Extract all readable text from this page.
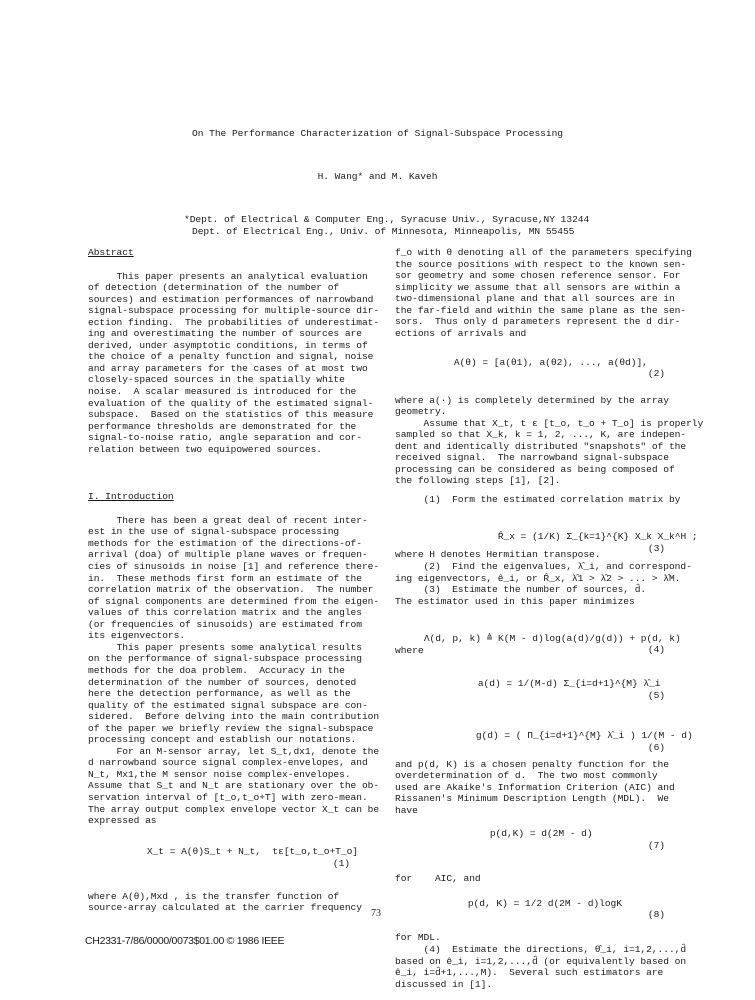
On The Performance Characterization of Signal-Subspace Processing
H. Wang* and M. Kaveh
*Dept. of Electrical & Computer Eng., Syracuse Univ., Syracuse,NY 13244
Dept. of Electrical Eng., Univ. of Minnesota, Minneapolis, MN 55455

Abstract

This paper presents an analytical evaluation

of detection (determination of the number of

sources) and estimation performances of narrowband

signal-subspace processing for multiple-source dir-

ection finding.  The probabilities of underestimat-

ing and overestimating the number of sources are

derived, under asymptotic conditions, in terms of

the choice of a penalty function and signal, noise

and array parameters for the cases of at most two

closely-spaced sources in the spatially white

noise.  A scalar measured is introduced for the

evaluation of the quality of the estimated signal-

subspace.  Based on the statistics of this measure

performance thresholds are demonstrated for the

signal-to-noise ratio, angle separation and cor-

relation between two equipowered sources.

I. Introduction

There has been a great deal of recent inter-

est in the use of signal-subspace processing

methods for the estimation of the directions-of-

arrival (doa) of multiple plane waves or frequen-

cies of sinusoids in noise [1] and reference there-

in.  These methods first form an estimate of the

correlation matrix of the observation.  The number

of signal components are determined from the eigen-

values of this correlation matrix and the angles

(or frequencies of sinusoids) are estimated from

its eigenvectors.

This paper presents some analytical results

on the performance of signal-subspace processing

methods for the doa problem.  Accuracy in the

determination of the number of sources, denoted

here the detection performance, as well as the

quality of the estimated signal subspace are con-

sidered.  Before delving into the main contribution

of the paper we briefly review the signal-subspace

processing concept and establish our notations.

For an M-sensor array, let S_t,dx1, denote the

d narrowband source signal complex-envelopes, and

N_t, Mx1,the M sensor noise complex-envelopes.

Assume that S_t and N_t are stationary over the ob-

servation interval of [t_o,t_o+T] with zero-mean.

The array output complex envelope vector X_t can be

expressed as

X_t = A(θ)S_t + N_t,  tε[t_o,t_o+T_o]

(1)

where A(θ),Mxd , is the transfer function of

source-array calculated at the carrier frequency

f_o with θ denoting all of the parameters specifying

the source positions with respect to the known sen-

sor geometry and some chosen reference sensor. For

simplicity we assume that all sensors are within a

two-dimensional plane and that all sources are in

the far-field and within the same plane as the sen-

sors.  Thus only d parameters represent the d dir-

ections of arrivals and

A(θ) = [a(θ1), a(θ2), ..., a(θd)],

(2)

where a(·) is completely determined by the array

geometry.

Assume that X_t, t ε [t_o, t_o + T_o] is properly

sampled so that X_k, k = 1, 2, ..., K, are indepen-

dent and identically distributed "snapshots" of the

received signal.  The narrowband signal-subspace

processing can be considered as being composed of

the following steps [1], [2].

(1)  Form the estimated correlation matrix by

R̂_x = (1/K) Σ_{k=1}^{K} X_k X_k^H ;

(3)

where H denotes Hermitian transpose.

(2)  Find the eigenvalues, λ̂_i, and correspond-

ing eigenvectors, ê_i, or R̂_x, λ̂1 > λ̂2 > ... > λ̂M.

(3)  Estimate the number of sources, d̂.

The estimator used in this paper minimizes

Λ(d, p, k) ≜ K(M - d)log(a(d)/g(d)) + p(d, k)

(4)

where

a(d) = 1/(M-d) Σ_{i=d+1}^{M} λ̂_i

(5)

g(d) = ( Π_{i=d+1}^{M} λ̂_i ) 1/(M - d)

(6)

and p(d, K) is a chosen penalty function for the

overdetermination of d.  The two most commonly

used are Akaike's Information Criterion (AIC) and

Rissanen's Minimum Description Length (MDL).  We

have

p(d,K) = d(2M - d)

(7)

for    AIC, and

p(d, K) = 1/2 d(2M - d)logK

(8)

for MDL.

(4)  Estimate the directions, θ̂_i, i=1,2,...,d̂

based on ê_i, i=1,2,...,d̂ (or equivalently based on

ê_i, i=d̂+1,...,M).  Several such estimators are

discussed in [1].

73
CH2331-7/86/0000/0073$01.00 © 1986 IEEE
